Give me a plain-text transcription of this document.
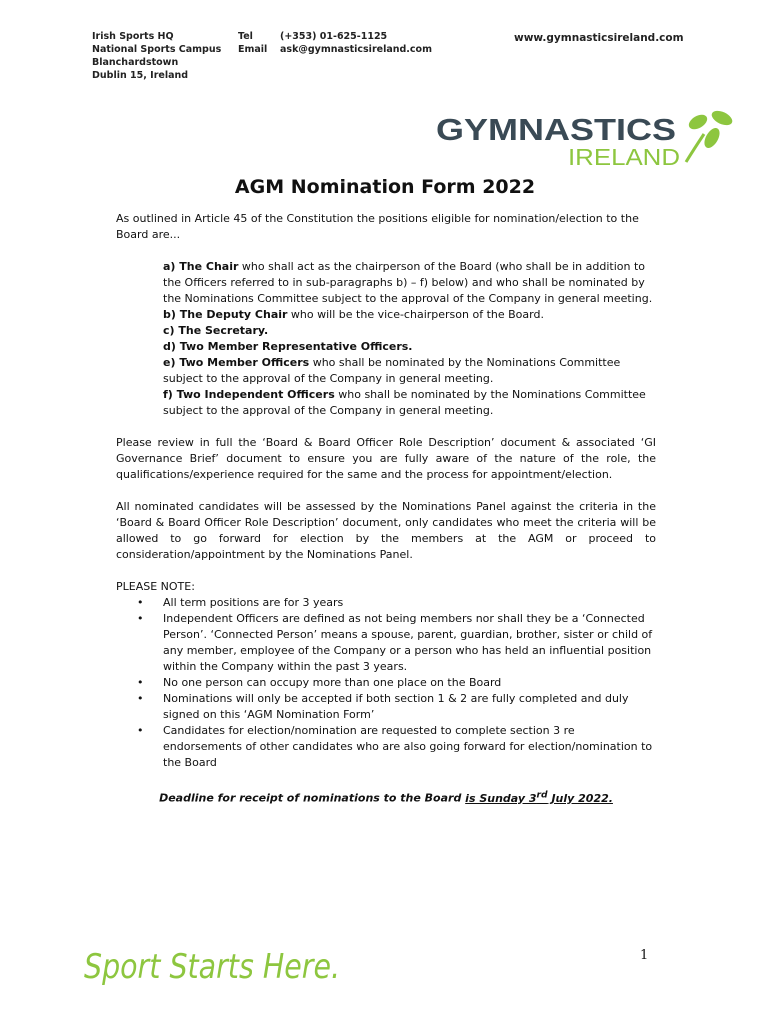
Irish Sports HQ
National Sports Campus
Blanchardstown
Dublin 15, Ireland
Tel	(+353) 01-625-1125
Email	ask@gymnasticsireland.com
www.gymnasticsireland.com
GYMNASTICS
IRELAND
AGM Nomination Form 2022

As outlined in Article 45 of the Constitution the positions eligible for nomination/election to the Board are...

a) The Chair who shall act as the chairperson of the Board (who shall be in addition to the Officers referred to in sub-paragraphs b) – f) below) and who shall be nominated by the Nominations Committee subject to the approval of the Company in general meeting.

b) The Deputy Chair who will be the vice-chairperson of the Board.

c) The Secretary.

d) Two Member Representative Officers.

e) Two Member Officers who shall be nominated by the Nominations Committee subject to the approval of the Company in general meeting.

f) Two Independent Officers who shall be nominated by the Nominations Committee subject to the approval of the Company in general meeting.

Please review in full the ‘Board & Board Officer Role Description’ document & associated ‘GI Governance Brief’ document to ensure you are fully aware of the nature of the role, the qualifications/experience required for the same and the process for appointment/election.

All nominated candidates will be assessed by the Nominations Panel against the criteria in the ‘Board & Board Officer Role Description’ document, only candidates who meet the criteria will be allowed to go forward for election by the members at the AGM or proceed to consideration/appointment by the Nominations Panel.

PLEASE NOTE:

• All term positions are for 3 years
• Independent Officers are defined as not being members nor shall they be a ‘Connected Person’. ‘Connected Person’ means a spouse, parent, guardian, brother, sister or child of any member, employee of the Company or a person who has held an influential position within the Company within the past 3 years.
• No one person can occupy more than one place on the Board
• Nominations will only be accepted if both section 1 & 2 are fully completed and duly signed on this ‘AGM Nomination Form’
• Candidates for election/nomination are requested to complete section 3 re endorsements of other candidates who are also going forward for election/nomination to the Board

Deadline for receipt of nominations to the Board is Sunday 3rd July 2022.

Sport Starts Here.	1
